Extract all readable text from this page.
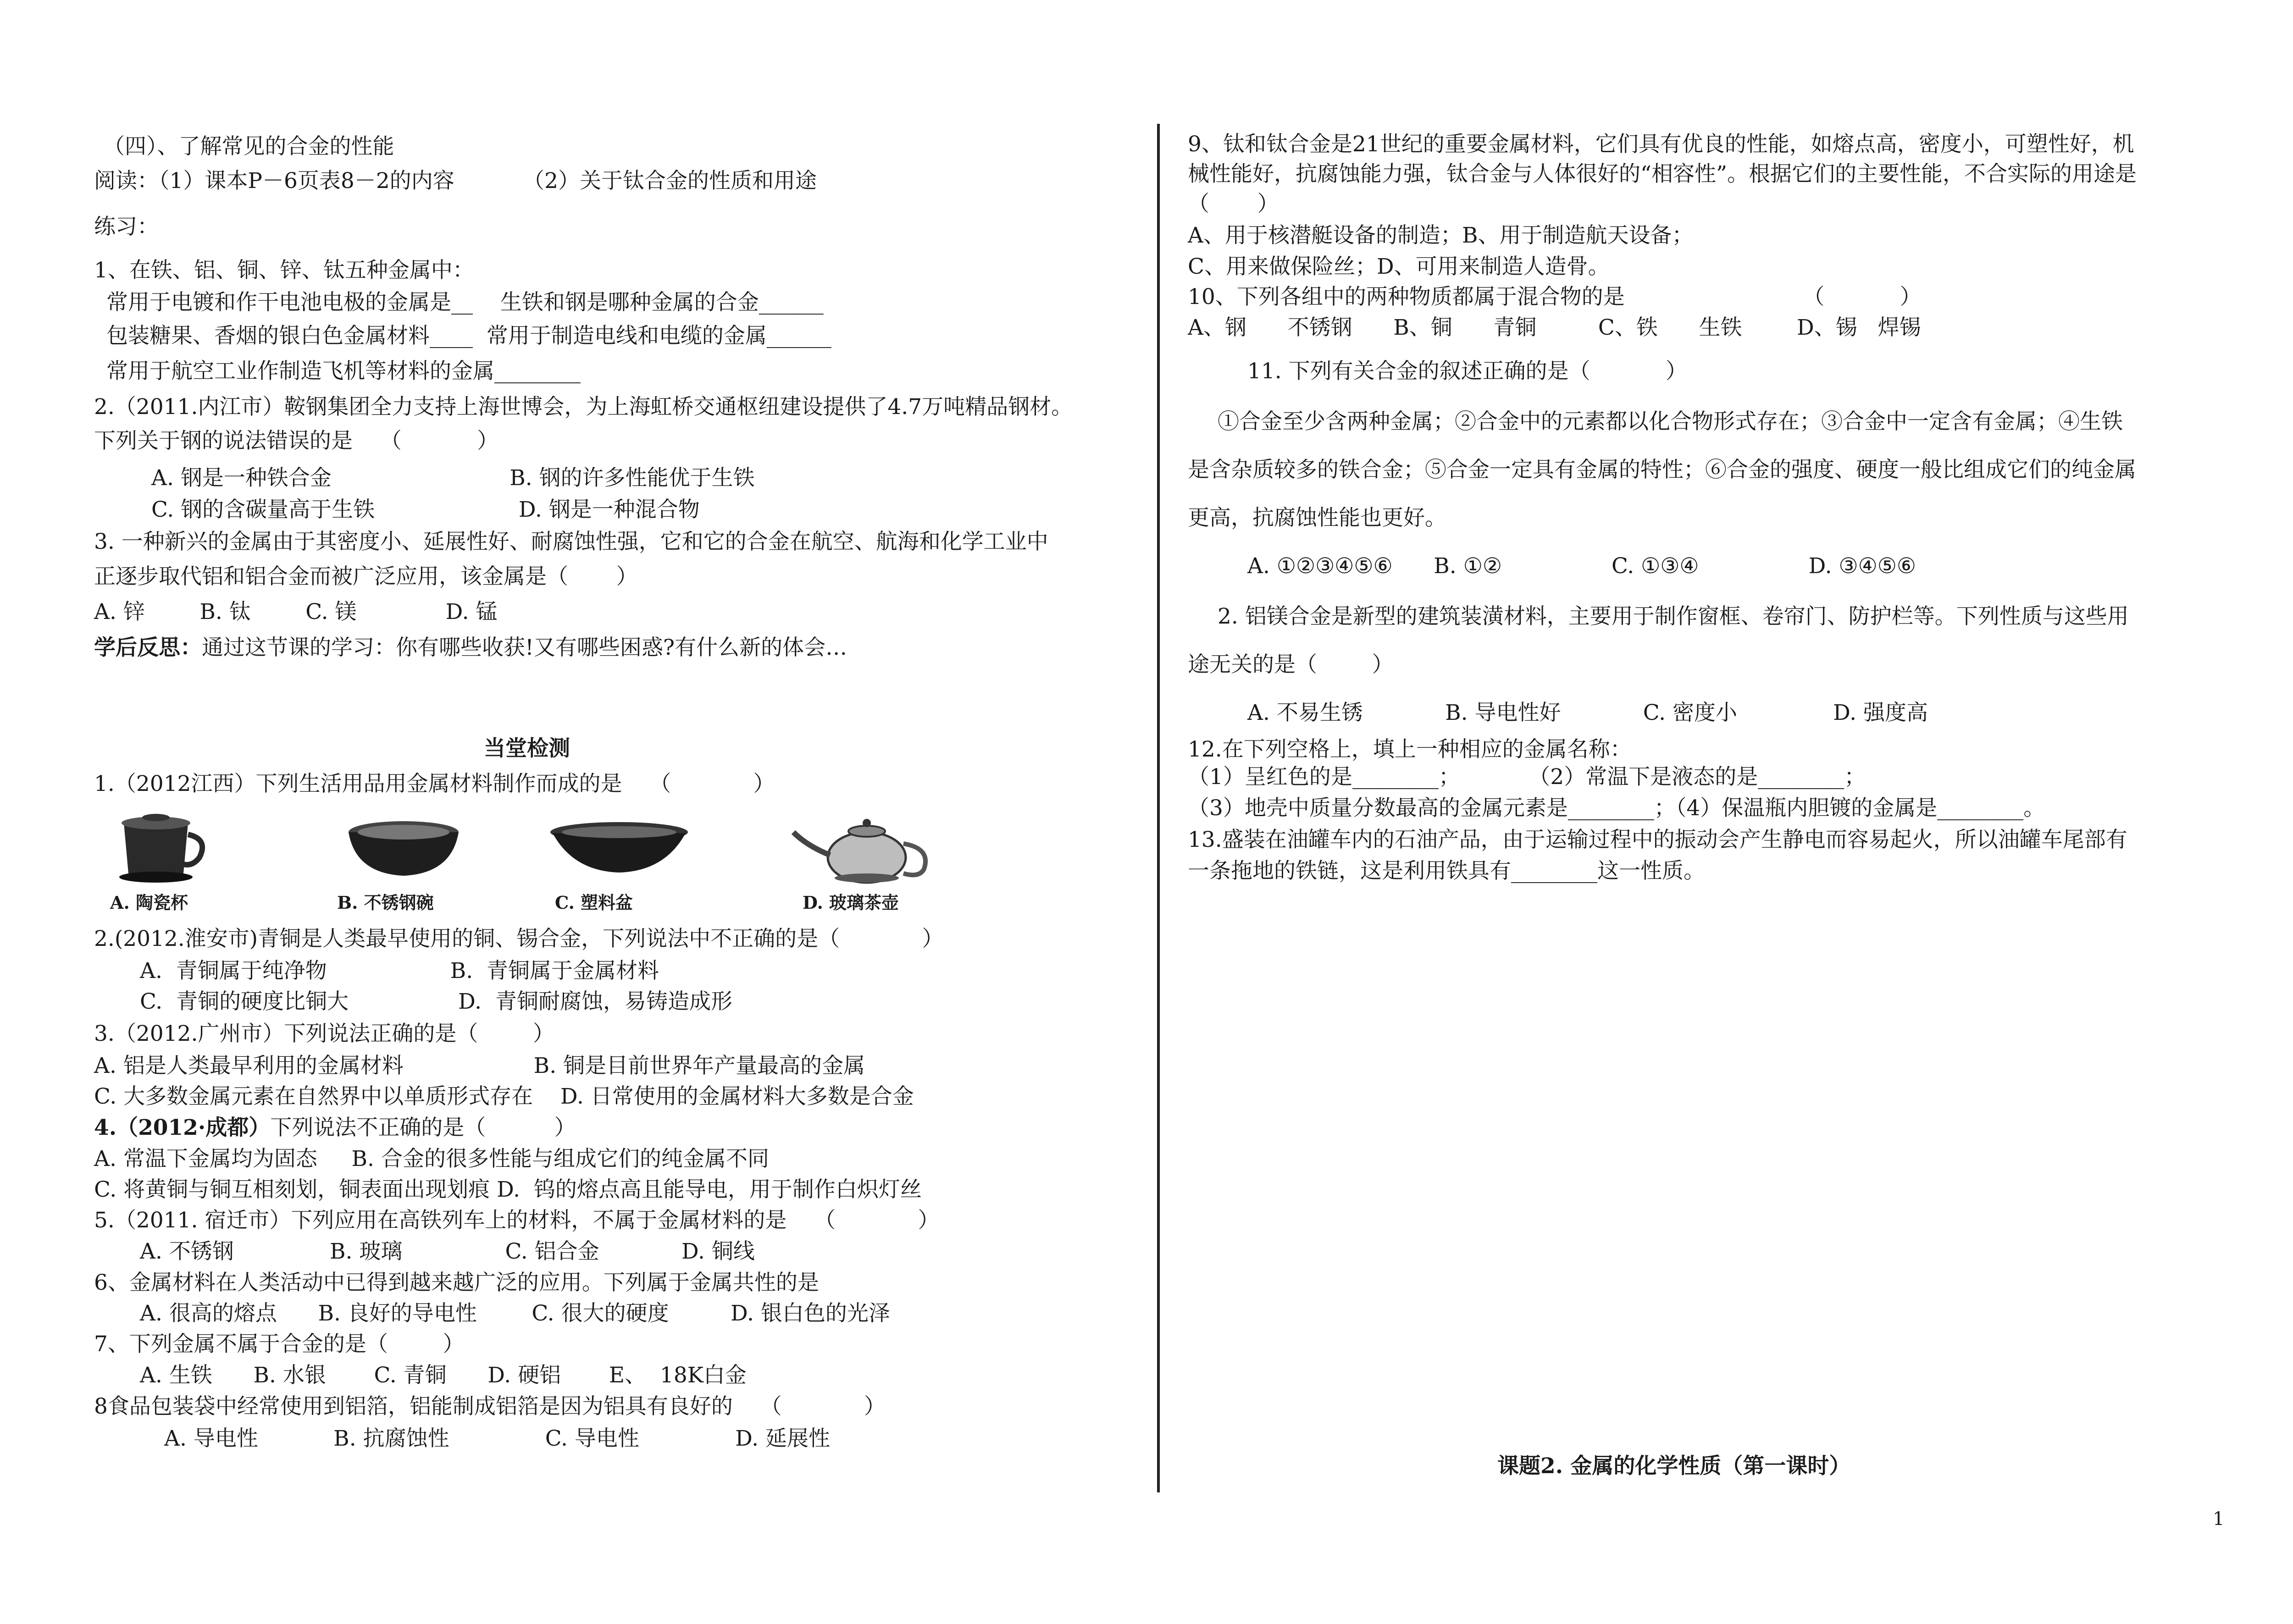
（四）、了解常见的合金的性能
阅读：（1）课本P－6页表8－2的内容          （2）关于钛合金的性质和用途
练习：
1、在铁、铝、铜、锌、钛五种金属中：
常用于电镀和作干电池电极的金属是__    生铁和钢是哪种金属的合金______
包装糖果、香烟的银白色金属材料____  常用于制造电线和电缆的金属______
常用于航空工业作制造飞机等材料的金属________
2.（2011.内江市）鞍钢集团全力支持上海世博会，为上海虹桥交通枢纽建设提供了4.7万吨精品钢材。
下列关于钢的说法错误的是    （           ）
A. 钢是一种铁合金                          B. 钢的许多性能优于生铁
C. 钢的含碳量高于生铁                     D. 钢是一种混合物
3. 一种新兴的金属由于其密度小、延展性好、耐腐蚀性强，它和它的合金在航空、航海和化学工业中
正逐步取代铝和铝合金而被广泛应用，该金属是（       ）
A. 锌        B. 钛        C. 镁             D. 锰
学后反思：通过这节课的学习：你有哪些收获!又有哪些困惑?有什么新的体会…
当堂检测
1.（2012江西）下列生活用品用金属材料制作而成的是    （            ）
2.(2012.淮安市)青铜是人类最早使用的铜、锡合金，下列说法中不正确的是（            ）
A.  青铜属于纯净物                  B.  青铜属于金属材料
C.  青铜的硬度比铜大                D.  青铜耐腐蚀，易铸造成形
3.（2012.广州市）下列说法正确的是（        ）
A. 铝是人类最早利用的金属材料                   B. 铜是目前世界年产量最高的金属
C. 大多数金属元素在自然界中以单质形式存在    D. 日常使用的金属材料大多数是合金
4.（2012·成都）下列说法不正确的是（          ）
A. 常温下金属均为固态     B. 合金的很多性能与组成它们的纯金属不同
C. 将黄铜与铜互相刻划，铜表面出现划痕 D.  钨的熔点高且能导电，用于制作白炽灯丝
5.（2011. 宿迁市）下列应用在高铁列车上的材料，不属于金属材料的是    （            ）
A. 不锈钢              B. 玻璃               C. 铝合金            D. 铜线
6、金属材料在人类活动中已得到越来越广泛的应用。下列属于金属共性的是
A. 很高的熔点      B. 良好的导电性        C. 很大的硬度         D. 银白色的光泽
7、下列金属不属于合金的是（        ）
A. 生铁      B. 水银       C. 青铜      D. 硬铝       E、  18K白金
8食品包装袋中经常使用到铝箔，铝能制成铝箔是因为铝具有良好的    （            ）
A. 导电性           B. 抗腐蚀性              C. 导电性              D. 延展性
9、钛和钛合金是21世纪的重要金属材料，它们具有优良的性能，如熔点高，密度小，可塑性好，机
械性能好，抗腐蚀能力强，钛合金与人体很好的“相容性”。根据它们的主要性能，不合实际的用途是
（       ）
A、用于核潜艇设备的制造；B、用于制造航天设备；
C、用来做保险丝；D、可用来制造人造骨。
10、下列各组中的两种物质都属于混合物的是                          （           ）
A、钢      不锈钢      B、铜      青铜         C、铁      生铁        D、锡   焊锡
11. 下列有关合金的叙述正确的是（           ）
①合金至少含两种金属；②合金中的元素都以化合物形式存在；③合金中一定含有金属；④生铁
是含杂质较多的铁合金；⑤合金一定具有金属的特性；⑥合金的强度、硬度一般比组成它们的纯金属
更高，抗腐蚀性能也更好。
A. ①②③④⑤⑥      B. ①②                C. ①③④                D. ③④⑤⑥
2. 铝镁合金是新型的建筑装潢材料，主要用于制作窗框、卷帘门、防护栏等。下列性质与这些用
途无关的是（        ）
A. 不易生锈            B. 导电性好            C. 密度小              D. 强度高
12.在下列空格上，填上一种相应的金属名称：
（1）呈红色的是________；          （2）常温下是液态的是________；
（3）地壳中质量分数最高的金属元素是________；（4）保温瓶内胆镀的金属是________。
13.盛装在油罐车内的石油产品，由于运输过程中的振动会产生静电而容易起火，所以油罐车尾部有
一条拖地的铁链，这是利用铁具有________这一性质。
课题2. 金属的化学性质（第一课时）
A. 陶瓷杯	B. 不锈钢碗	C. 塑料盆	D. 玻璃茶壶
1
